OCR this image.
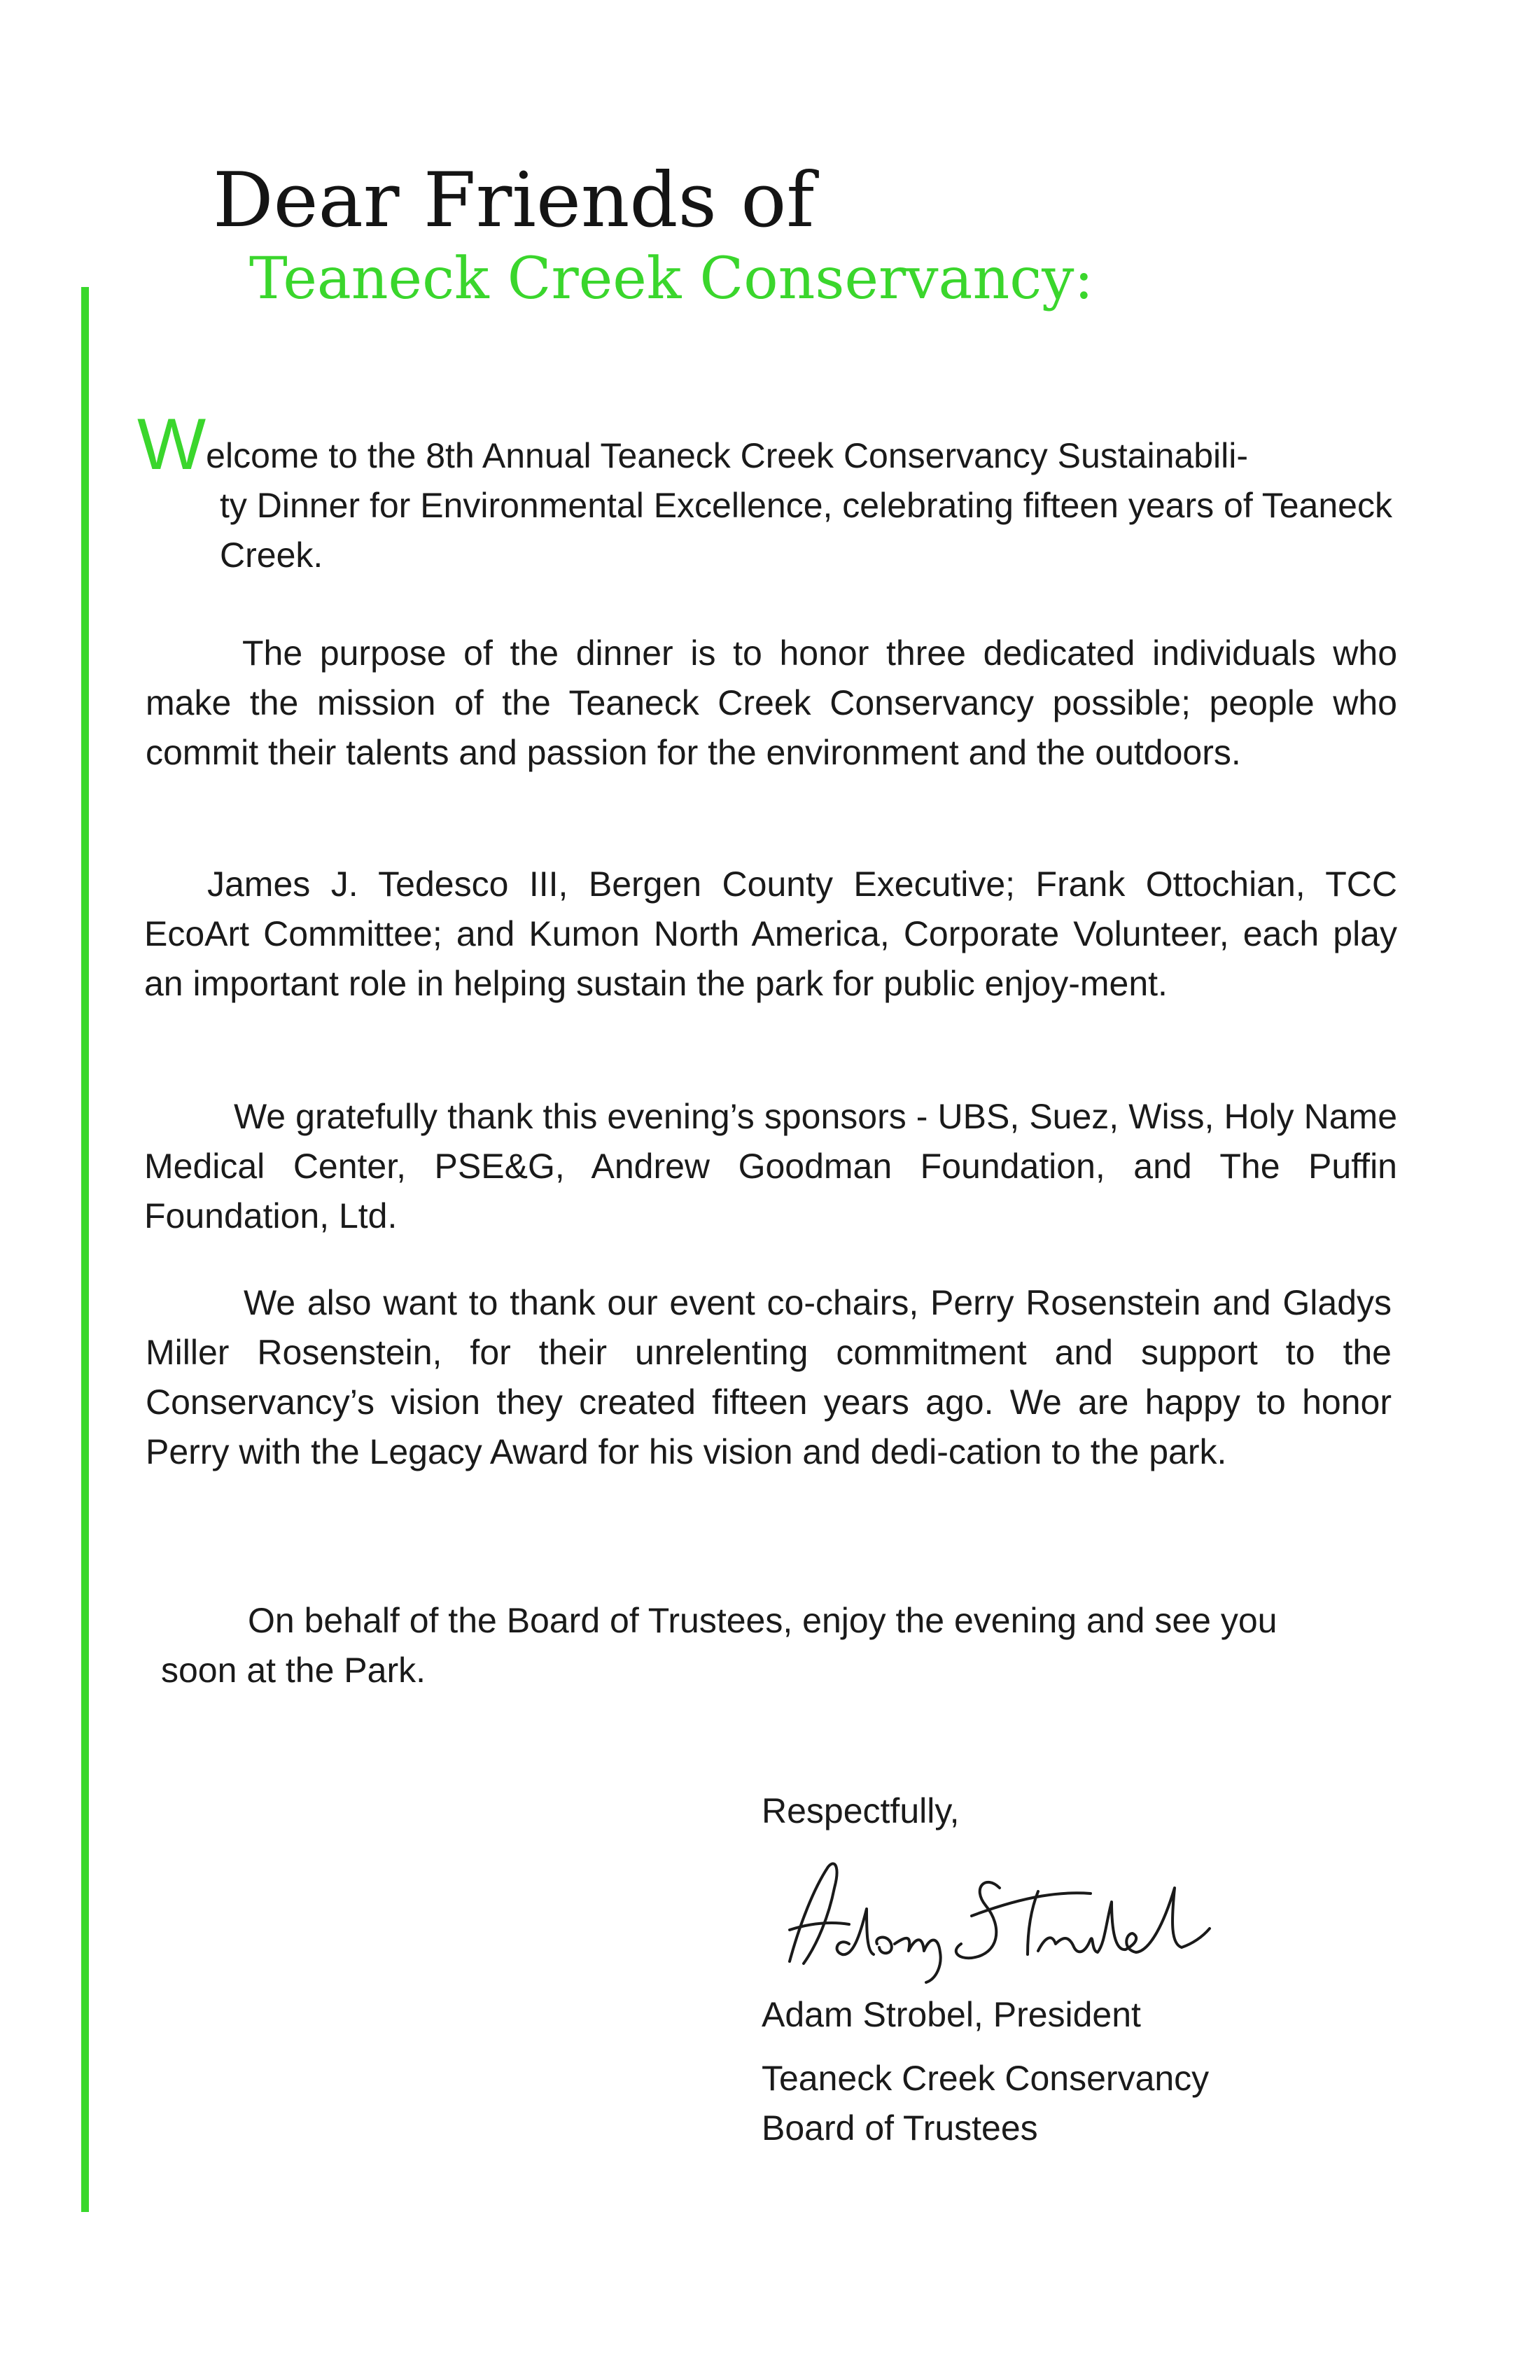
Dear Friends of
Teaneck Creek Conservancy:

Welcome to the 8th Annual Teaneck Creek Conservancy Sustainabili-
ty Dinner for Environmental Excellence, celebrating fifteen years of Teaneck Creek.

The purpose of the dinner is to honor three dedicated individuals who make the mission of the Teaneck Creek Conservancy possible; people who commit their talents and passion for the environment and the outdoors.

James J. Tedesco III, Bergen County Executive; Frank Ottochian, TCC EcoArt Committee; and Kumon North America, Corporate Volunteer, each play an important role in helping sustain the park for public enjoy-ment.

We gratefully thank this evening’s sponsors - UBS, Suez, Wiss, Holy Name Medical Center, PSE&G, Andrew Goodman Foundation, and The Puffin Foundation, Ltd.

We also want to thank our event co-chairs, Perry Rosenstein and Gladys Miller Rosenstein, for their unrelenting commitment and support to the Conservancy’s vision they created fifteen years ago. We are happy to honor Perry with the Legacy Award for his vision and dedi-cation to the park.

On behalf of the Board of Trustees, enjoy the evening and see you soon at the Park.

Respectfully,

Adam Strobel, President

Teaneck Creek Conservancy
Board of Trustees
